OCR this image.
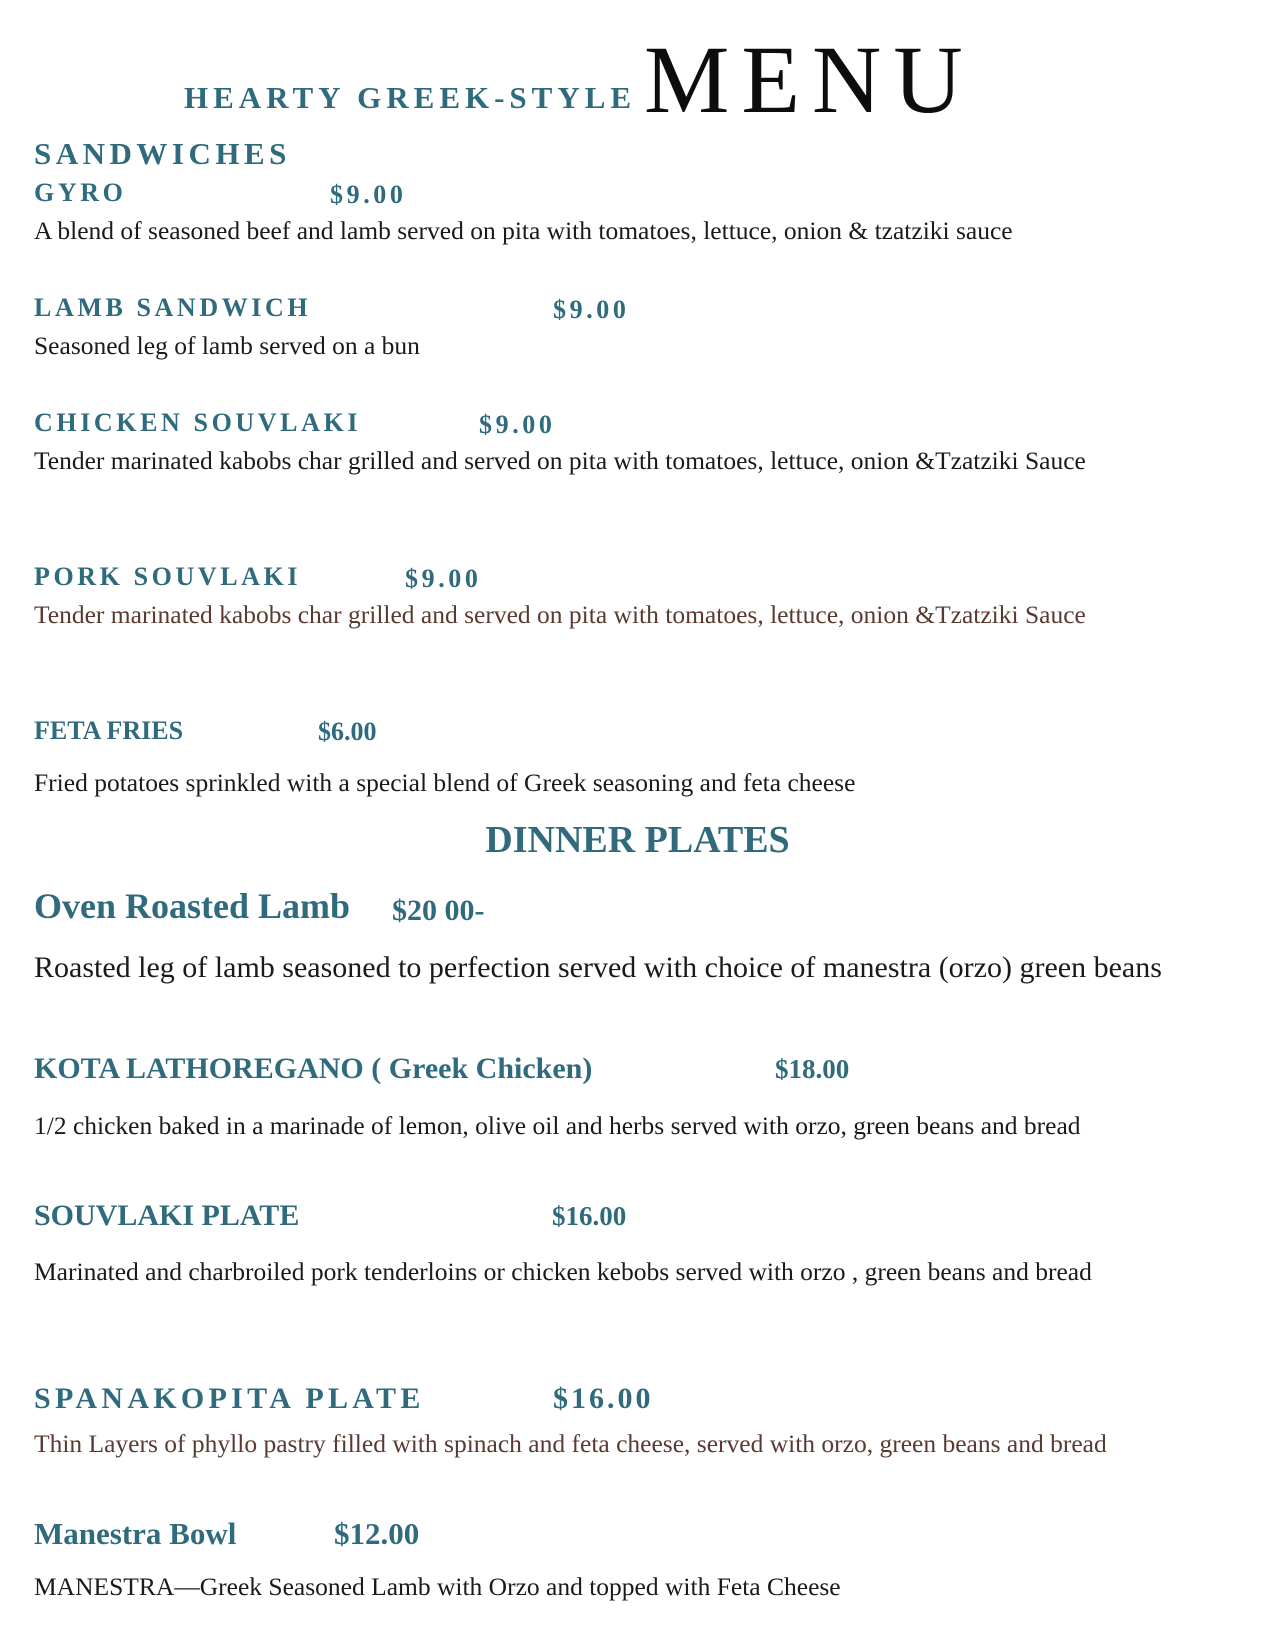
HEARTY GREEK-STYLE MENU
SANDWICHES
GYRO	$9.00
A blend of seasoned beef and lamb served on pita with tomatoes, lettuce, onion & tzatziki sauce
LAMB SANDWICH	$9.00
Seasoned leg of lamb served on a bun
CHICKEN SOUVLAKI	$9.00
Tender marinated kabobs char grilled and served on pita with tomatoes, lettuce, onion &Tzatziki Sauce
PORK SOUVLAKI	$9.00
Tender marinated kabobs char grilled and served on pita with tomatoes, lettuce, onion &Tzatziki Sauce
FETA FRIES	$6.00
Fried potatoes sprinkled with a special blend of Greek seasoning and feta cheese
DINNER PLATES
Oven Roasted Lamb $20 00-
Roasted leg of lamb seasoned to perfection served with choice of manestra (orzo) green beans
KOTA LATHOREGANO ( Greek Chicken)	$18.00
1/2 chicken baked in a marinade of lemon, olive oil and herbs served with orzo, green beans and bread
SOUVLAKI PLATE	$16.00
Marinated and charbroiled pork tenderloins or chicken kebobs served with orzo , green beans and bread
SPANAKOPITA PLATE	$16.00
Thin Layers of phyllo pastry filled with spinach and feta cheese, served with orzo, green beans and bread
Manestra Bowl	$12.00
MANESTRA—Greek Seasoned Lamb with Orzo and topped with Feta Cheese
